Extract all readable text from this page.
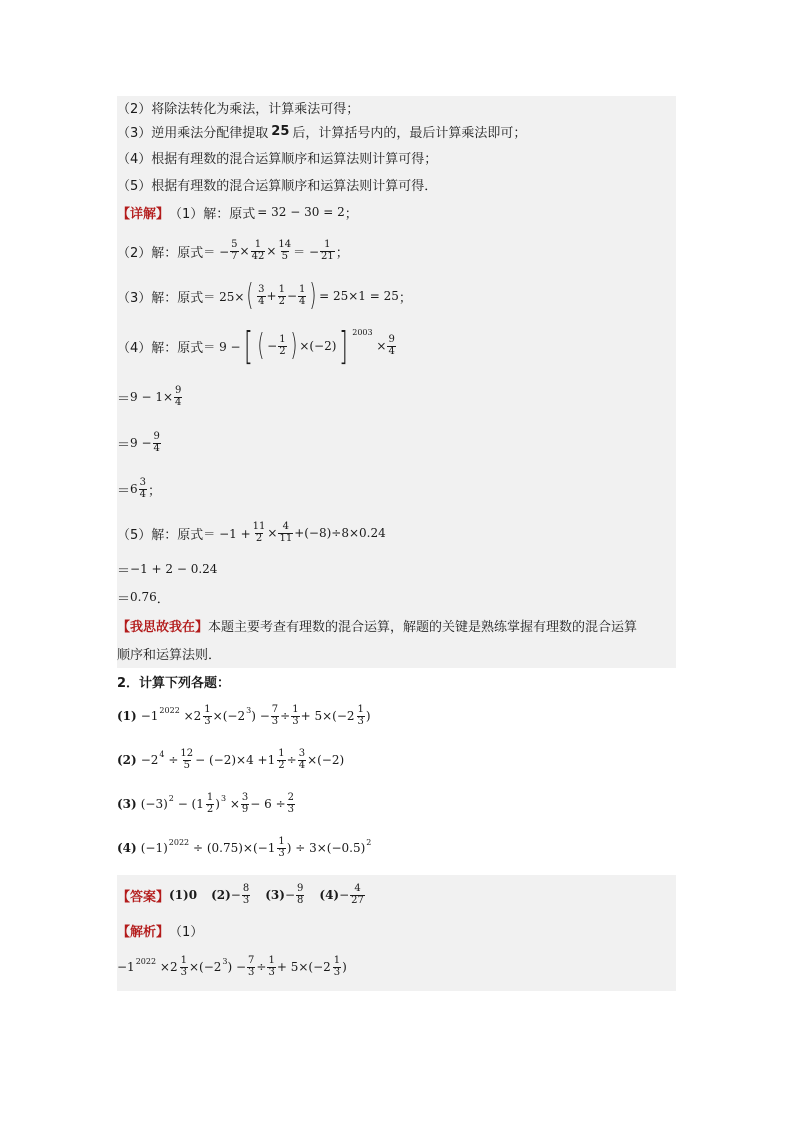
（2）将除法转化为乘法，计算乘法可得；
（3）逆用乘法分配律提取 25 后，计算括号内的，最后计算乘法即可；
（4）根据有理数的混合运算顺序和运算法则计算可得；
（5）根据有理数的混合运算顺序和运算法则计算可得．
【详解】 （1）解：原式 = 32 − 30 = 2 ；
（2）解：原式 ＝ − $\frac{5}{7} \times \frac{1}{42} \times \frac{14}{5}$ ＝ − $\frac{1}{21}$ ；
（3）解：原式 ＝ 25× ( $\frac{3}{4} + \frac{1}{2} - \frac{1}{4}$ ) = 25×1 = 25 ；
（4）解：原式 ＝ 9 − [ ( − $\frac{1}{2}$ ) ×(−2) ] 2003
× $\frac{9}{4}$
＝ $9 - 1\times \frac{9}{4}$
＝ $9 - \frac{9}{4}$
＝ $6 \frac{3}{4}$ ；
（5）解：原式 ＝ $-1 + \frac{11}{2} \times \frac{4}{11} +(-8)\div 8\times 0.24$
＝ −1 + 2 − 0.24
＝ 0.76 ．
【我思故我在】 本题主要考查有理数的混合运算，解题的关键是熟练掌握有理数的混合运算
顺序和运算法则．
2．计算下列各题：
(1) −1 $2022 \times 2 \frac{1}{3} \times(-2$ 3 ) − $\frac{7}{3} \div \frac{1}{3} + 5\times(- 2 \frac{1}{3}$ )
(2) −2 $4 \div \frac{12}{5} - (-2)\times 4 + 1 \frac{1}{2} \div \frac{3}{4} \times(-2)$
(3) (−3) 2 − ( $1 \frac{1}{2}$ ) $3 \times \frac{3}{9} - 6 \div \frac{2}{3}$
(4) (−1) $2022 \div (0.75)\times(- 1 \frac{1}{3}$ ) ÷ 3×(−0.5) 2
【答案】 (1)0 $(2) - \frac{8}{3} (3) - \frac{9}{8} (4) - \frac{4}{27}$
【解析】 （1）
−1 $2022 \times 2 \frac{1}{3} \times(-2$ 3 ) − $\frac{7}{3} \div \frac{1}{3} + 5\times(- 2 \frac{1}{3}$ )
